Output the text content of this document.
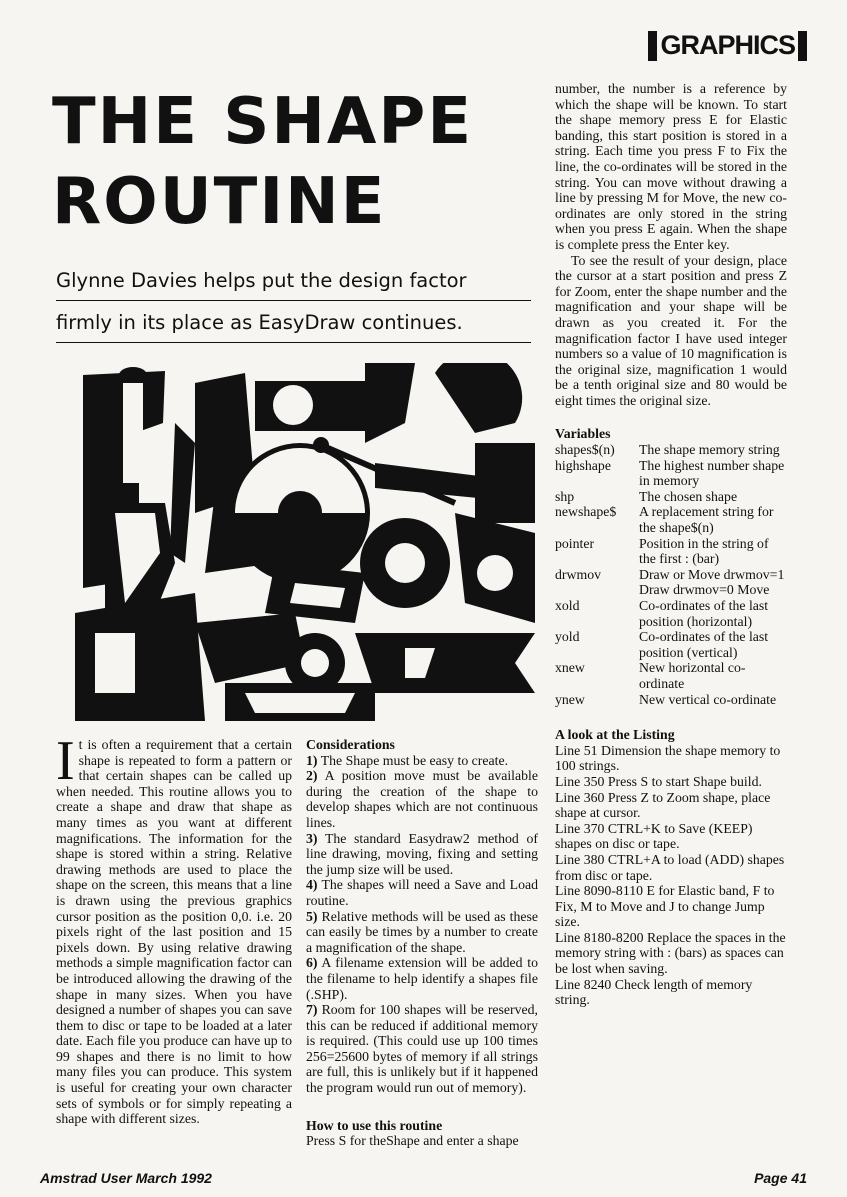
GRAPHICS
THE SHAPE
ROUTINE
Glynne Davies helps put the design factor
firmly in its place as EasyDraw continues.
I t is often a requirement that a certain shape is repeated to form a pattern or that certain shapes can be called up when needed. This routine allows you to create a shape and draw that shape as many times as you want at different magnifications. The information for the shape is stored within a string. Relative drawing methods are used to place the shape on the screen, this means that a line is drawn using the previous graphics cursor position as the position 0,0. i.e. 20 pixels right of the last position and 15 pixels down. By using relative drawing methods a simple magnification factor can be introduced allowing the drawing of the shape in many sizes. When you have designed a number of shapes you can save them to disc or tape to be loaded at a later date. Each file you produce can have up to 99 shapes and there is no limit to how many files you can produce. This system is useful for creating your own character sets of symbols or for simply repeating a shape with different sizes.

Considerations

1) The Shape must be easy to create.

2) A position move must be available during the creation of the shape to develop shapes which are not continuous lines.

3) The standard Easydraw2 method of line drawing, moving, fixing and setting the jump size will be used.

4) The shapes will need a Save and Load routine.

5) Relative methods will be used as these can easily be times by a number to create a magnification of the shape.

6) A filename extension will be added to the filename to help identify a shapes file (.SHP).

7) Room for 100 shapes will be reserved, this can be reduced if additional memory is required. (This could use up 100 times 256=25600 bytes of memory if all strings are full, this is unlikely but if it happened the program would run out of memory).

How to use this routine

Press S for theShape and enter a shape

number, the number is a reference by which the shape will be known. To start the shape memory press E for Elastic banding, this start position is stored in a string. Each time you press F to Fix the line, the co-ordinates will be stored in the string. You can move without drawing a line by pressing M for Move, the new co-ordinates are only stored in the string when you press E again. When the shape is complete press the Enter key.

To see the result of your design, place the cursor at a start position and press Z for Zoom, enter the shape number and the magnification and your shape will be drawn as you created it. For the magnification factor I have used integer numbers so a value of 10 magnification is the original size, magnification 1 would be a tenth original size and 80 would be eight times the original size.

Variables

shapes$(n)	The shape memory string
highshape	The highest number shape in memory
shp	The chosen shape
newshape$	A replacement string for the shape$(n)
pointer	Position in the string of the first : (bar)
drwmov	Draw or Move drwmov=1 Draw drwmov=0 Move
xold	Co-ordinates of the last position (horizontal)
yold	Co-ordinates of the last position (vertical)
xnew	New horizontal co-ordinate
ynew	New vertical co-ordinate

A look at the Listing

Line 51 Dimension the shape memory to 100 strings.

Line 350 Press S to start Shape build.

Line 360 Press Z to Zoom shape, place shape at cursor.

Line 370 CTRL+K to Save (KEEP) shapes on disc or tape.

Line 380 CTRL+A to load (ADD) shapes from disc or tape.

Line 8090-8110 E for Elastic band, F to Fix, M to Move and J to change Jump size.

Line 8180-8200 Replace the spaces in the memory string with : (bars) as spaces can be lost when saving.

Line 8240 Check length of memory string.

Amstrad User March 1992	Page 41
